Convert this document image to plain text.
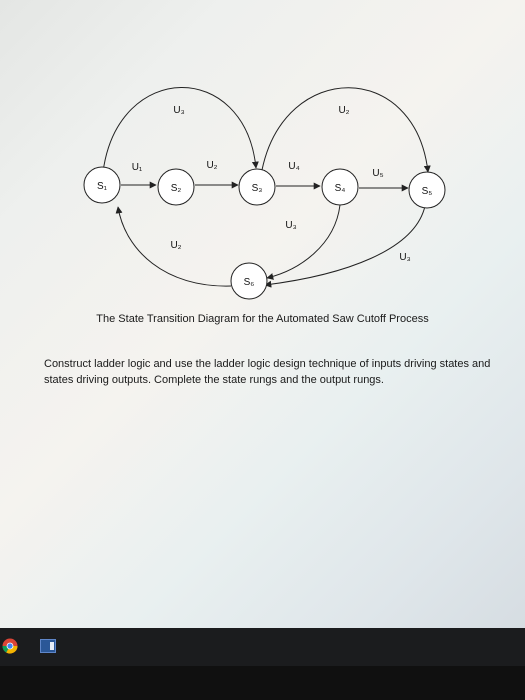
S₁	S₂	S₃	S₄	S₅
S₆
U₁	U₂	U₄
U₅
U₃	U₂
U₃
U₃
U₂
The State Transition Diagram for the Automated Saw Cutoff Process
Construct ladder logic and use the ladder logic design technique of inputs driving states and states driving outputs. Complete the state rungs and the output rungs.
